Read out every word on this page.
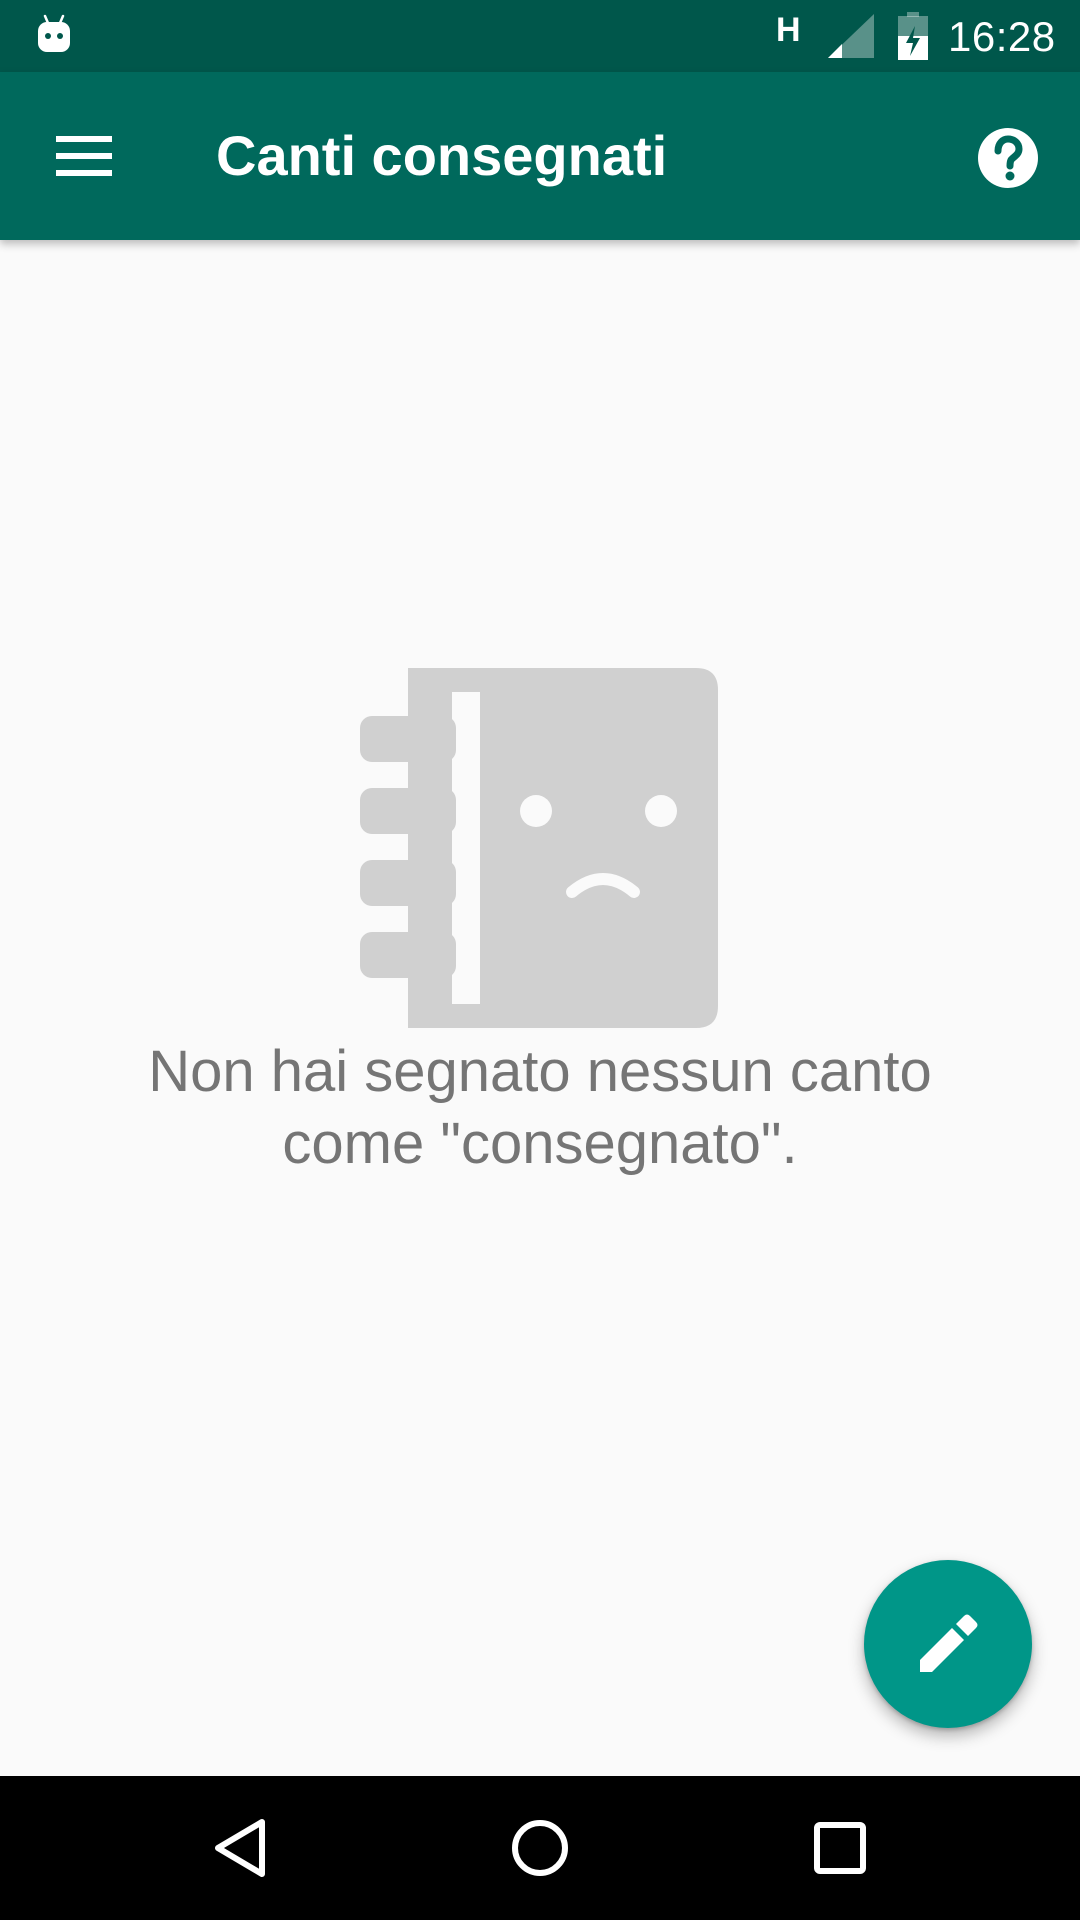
H	16:28
Canti consegnati
Non hai segnato nessun canto
come "consegnato".
